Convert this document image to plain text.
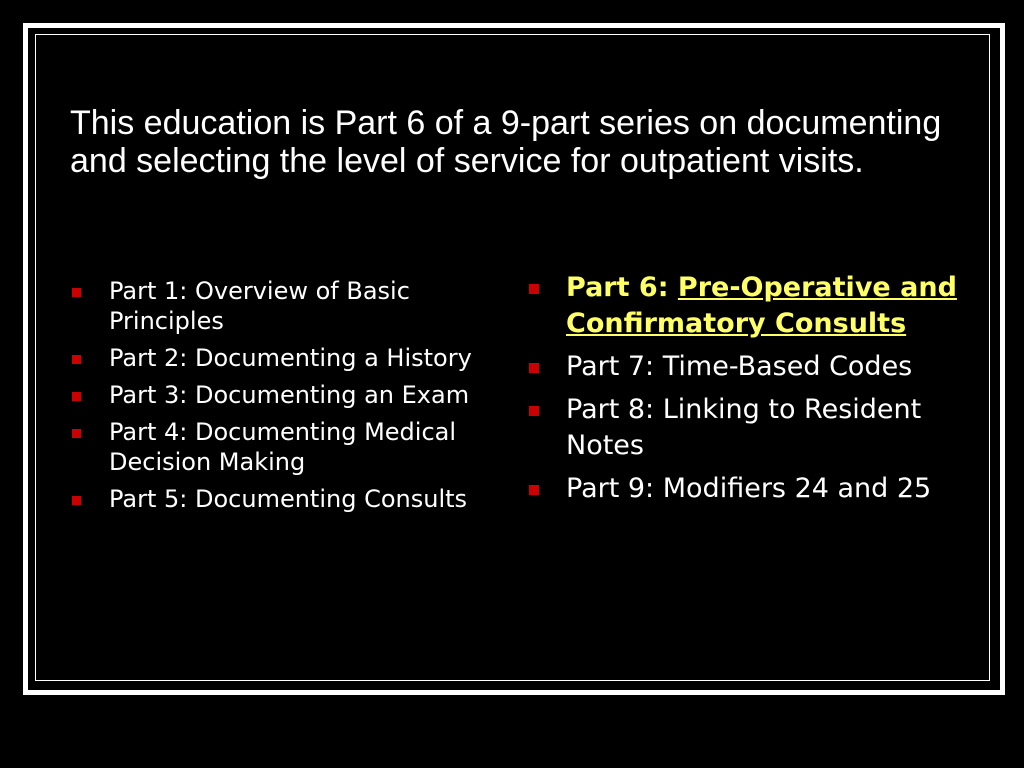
This education is Part 6 of a 9-part series on documenting and selecting the level of service for outpatient visits.
Part 1: Overview of Basic Principles
Part 2: Documenting a History
Part 3: Documenting an Exam
Part 4: Documenting Medical Decision Making
Part 5: Documenting Consults
Part 6: Pre-Operative and Confirmatory Consults
Part 7: Time-Based Codes
Part 8: Linking to Resident Notes
Part 9: Modifiers 24 and 25
